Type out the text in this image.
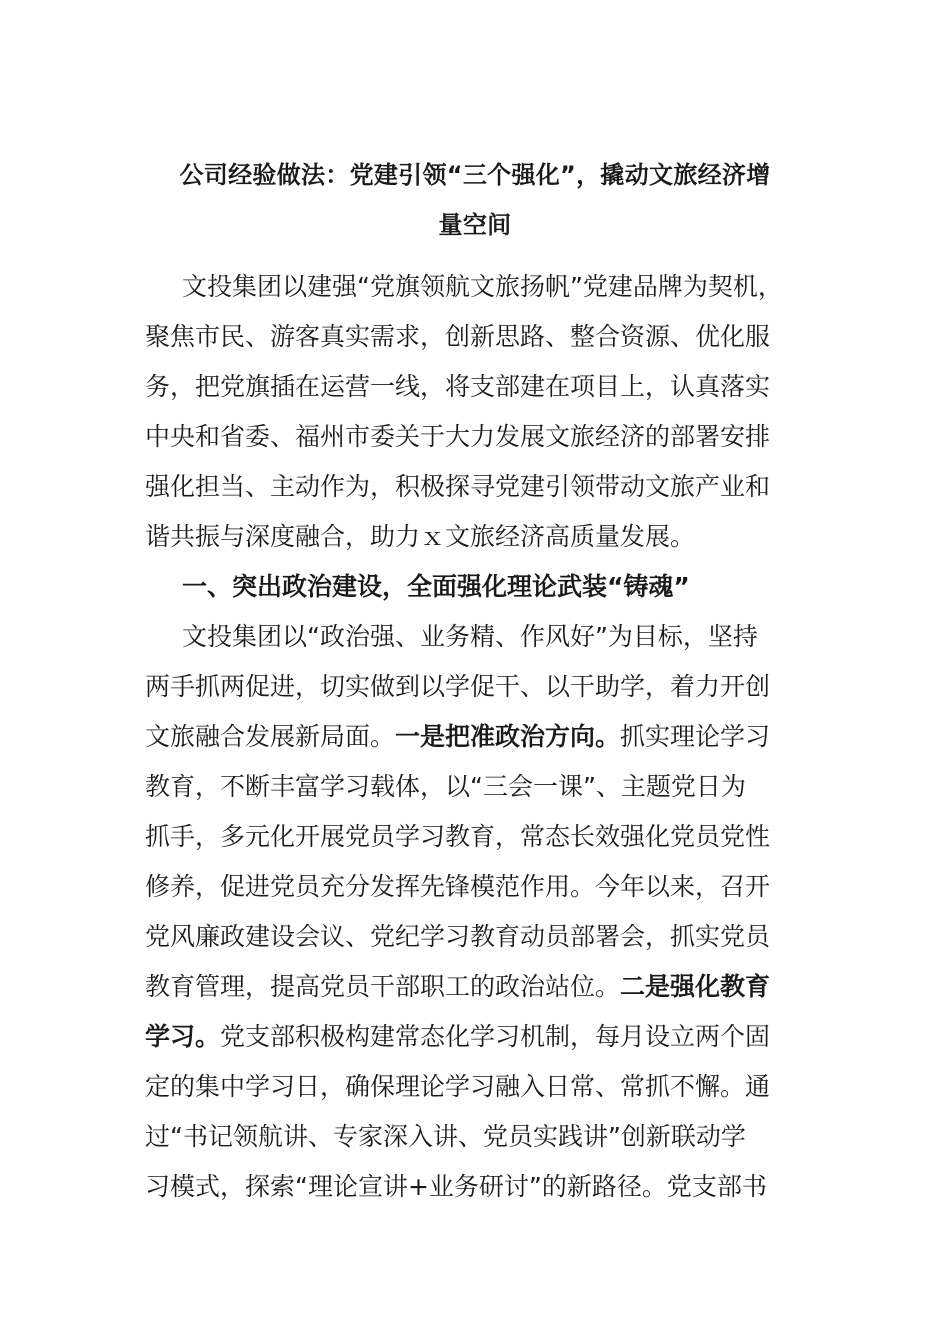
公司经验做法：党建引领“三个强化”，撬动文旅经济增
量空间
文投集团以建强“党旗领航文旅扬帆”党建品牌为契机，
聚焦市民、游客真实需求，创新思路、整合资源、优化服
务，把党旗插在运营一线，将支部建在项目上，认真落实
中央和省委、福州市委关于大力发展文旅经济的部署安排
强化担当、主动作为，积极探寻党建引领带动文旅产业和
谐共振与深度融合，助力ｘ文旅经济高质量发展。
一、突出政治建设，全面强化理论武装“铸魂”
文投集团以“政治强、业务精、作风好”为目标，坚持
两手抓两促进，切实做到以学促干、以干助学，着力开创
文旅融合发展新局面。一是把准政治方向。抓实理论学习
教育，不断丰富学习载体，以“三会一课”、主题党日为
抓手，多元化开展党员学习教育，常态长效强化党员党性
修养，促进党员充分发挥先锋模范作用。今年以来，召开
党风廉政建设会议、党纪学习教育动员部署会，抓实党员
教育管理，提高党员干部职工的政治站位。二是强化教育
学习。党支部积极构建常态化学习机制，每月设立两个固
定的集中学习日，确保理论学习融入日常、常抓不懈。通
过“书记领航讲、专家深入讲、党员实践讲”创新联动学
习模式，探索“理论宣讲+业务研讨”的新路径。党支部书
